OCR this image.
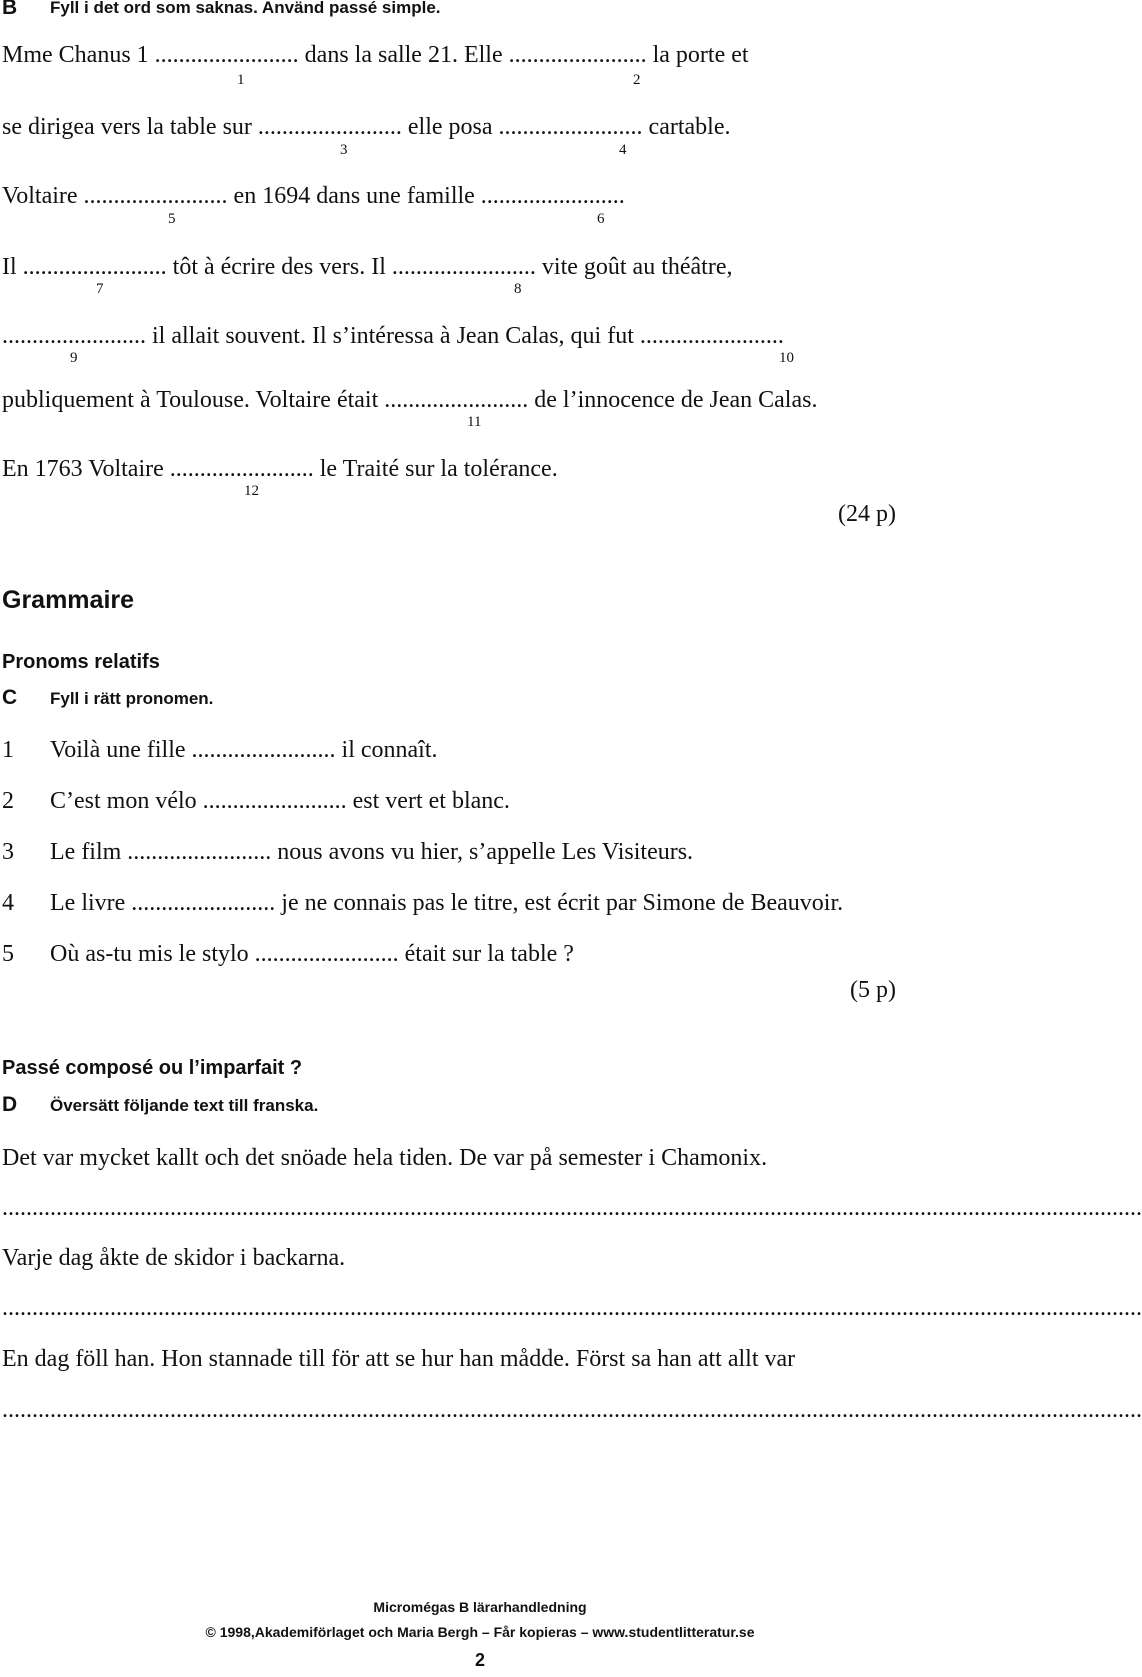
B Fyll i det ord som saknas. Använd passé simple.
Mme Chanus 1 ........................ dans la salle 21. Elle ....................... la porte et
1	2
se dirigea vers la table sur ........................ elle posa ........................ cartable.
3	4
Voltaire ........................ en 1694 dans une famille ........................
5	6
Il ........................ tôt à écrire des vers. Il ........................ vite goût au théâtre,
7	8
........................ il allait souvent. Il s’intéressa à Jean Calas, qui fut ........................
9	10
publiquement à Toulouse. Voltaire était ........................ de l’innocence de Jean Calas.
11
En 1763 Voltaire ........................ le Traité sur la tolérance.
12
(24 p)
Grammaire
Pronoms relatifs
C Fyll i rätt pronomen.
1 Voilà une fille ........................ il connaît.
2 C’est mon vélo ........................ est vert et blanc.
3 Le film ........................ nous avons vu hier, s’appelle Les Visiteurs.
4 Le livre ........................ je ne connais pas le titre, est écrit par Simone de Beauvoir.
5 Où as-tu mis le stylo ........................ était sur la table ?
(5 p)
Passé composé ou l’imparfait ?
D Översätt följande text till franska.
Det var mycket kallt och det snöade hela tiden. De var på semester i Chamonix.
..............................................................................................................................................................................................
Varje dag åkte de skidor i backarna.
..............................................................................................................................................................................................
En dag föll han. Hon stannade till för att se hur han mådde. Först sa han att allt var
..............................................................................................................................................................................................
Micromégas B lärarhandledning
© 1998,Akademiförlaget och Maria Bergh – Får kopieras – www.studentlitteratur.se
2
